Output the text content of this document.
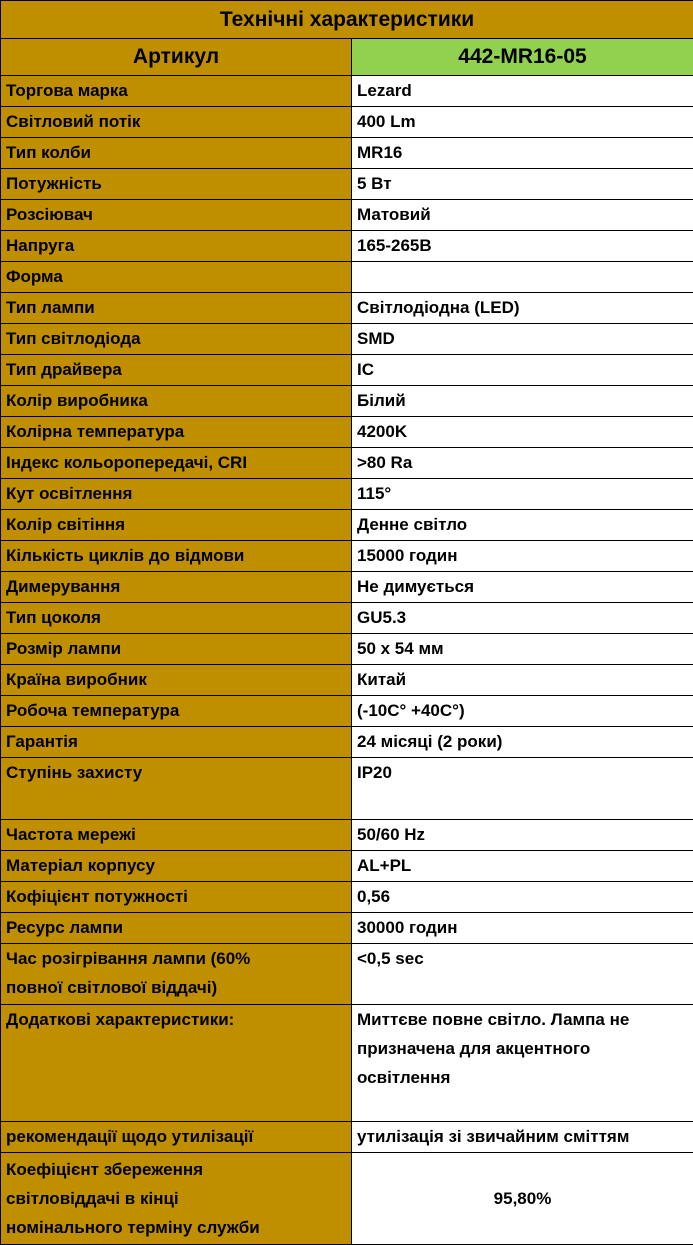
Технічні характеристики	
Артикул	442-MR16-05
Торгова марка	Lezard
Світловий потік	400 Lm
Тип колби	MR16
Потужність	5 Вт
Розсіювач	Матовий
Напруга	165-265В
Форма	
Тип лампи	Світлодіодна (LED)
Тип світлодіода	SMD
Тип драйвера	IC
Колір виробника	Білий
Колірна температура	4200K
Індекс кольоропередачі, CRI	>80 Ra
Кут освітлення	115°
Колір світіння	Денне світло
Кількість циклів до відмови	15000 годин
Димерування	Не димується
Тип цоколя	GU5.3
Розмір лампи	50 х 54 мм
Країна виробник	Китай
Робоча температура	(-10C° +40C°)
Гарантія	24 місяці (2 роки)
Ступінь захисту	IP20
Частота мережі	50/60 Hz
Матеріал корпусу	AL+PL
Кофіцієнт потужності	0,56
Ресурс лампи	30000 годин
Час розігрівання лампи (60%
повної світлової віддачі)	<0,5 sec
Додаткові характеристики:	Миттєве повне світло. Лампа не
призначена для акцентного
освітлення
рекомендації щодо утилізації	утилізація зі звичайним сміттям
Коефіцієнт збереження
світловіддачі в кінці
номінального терміну служби	95,80%
